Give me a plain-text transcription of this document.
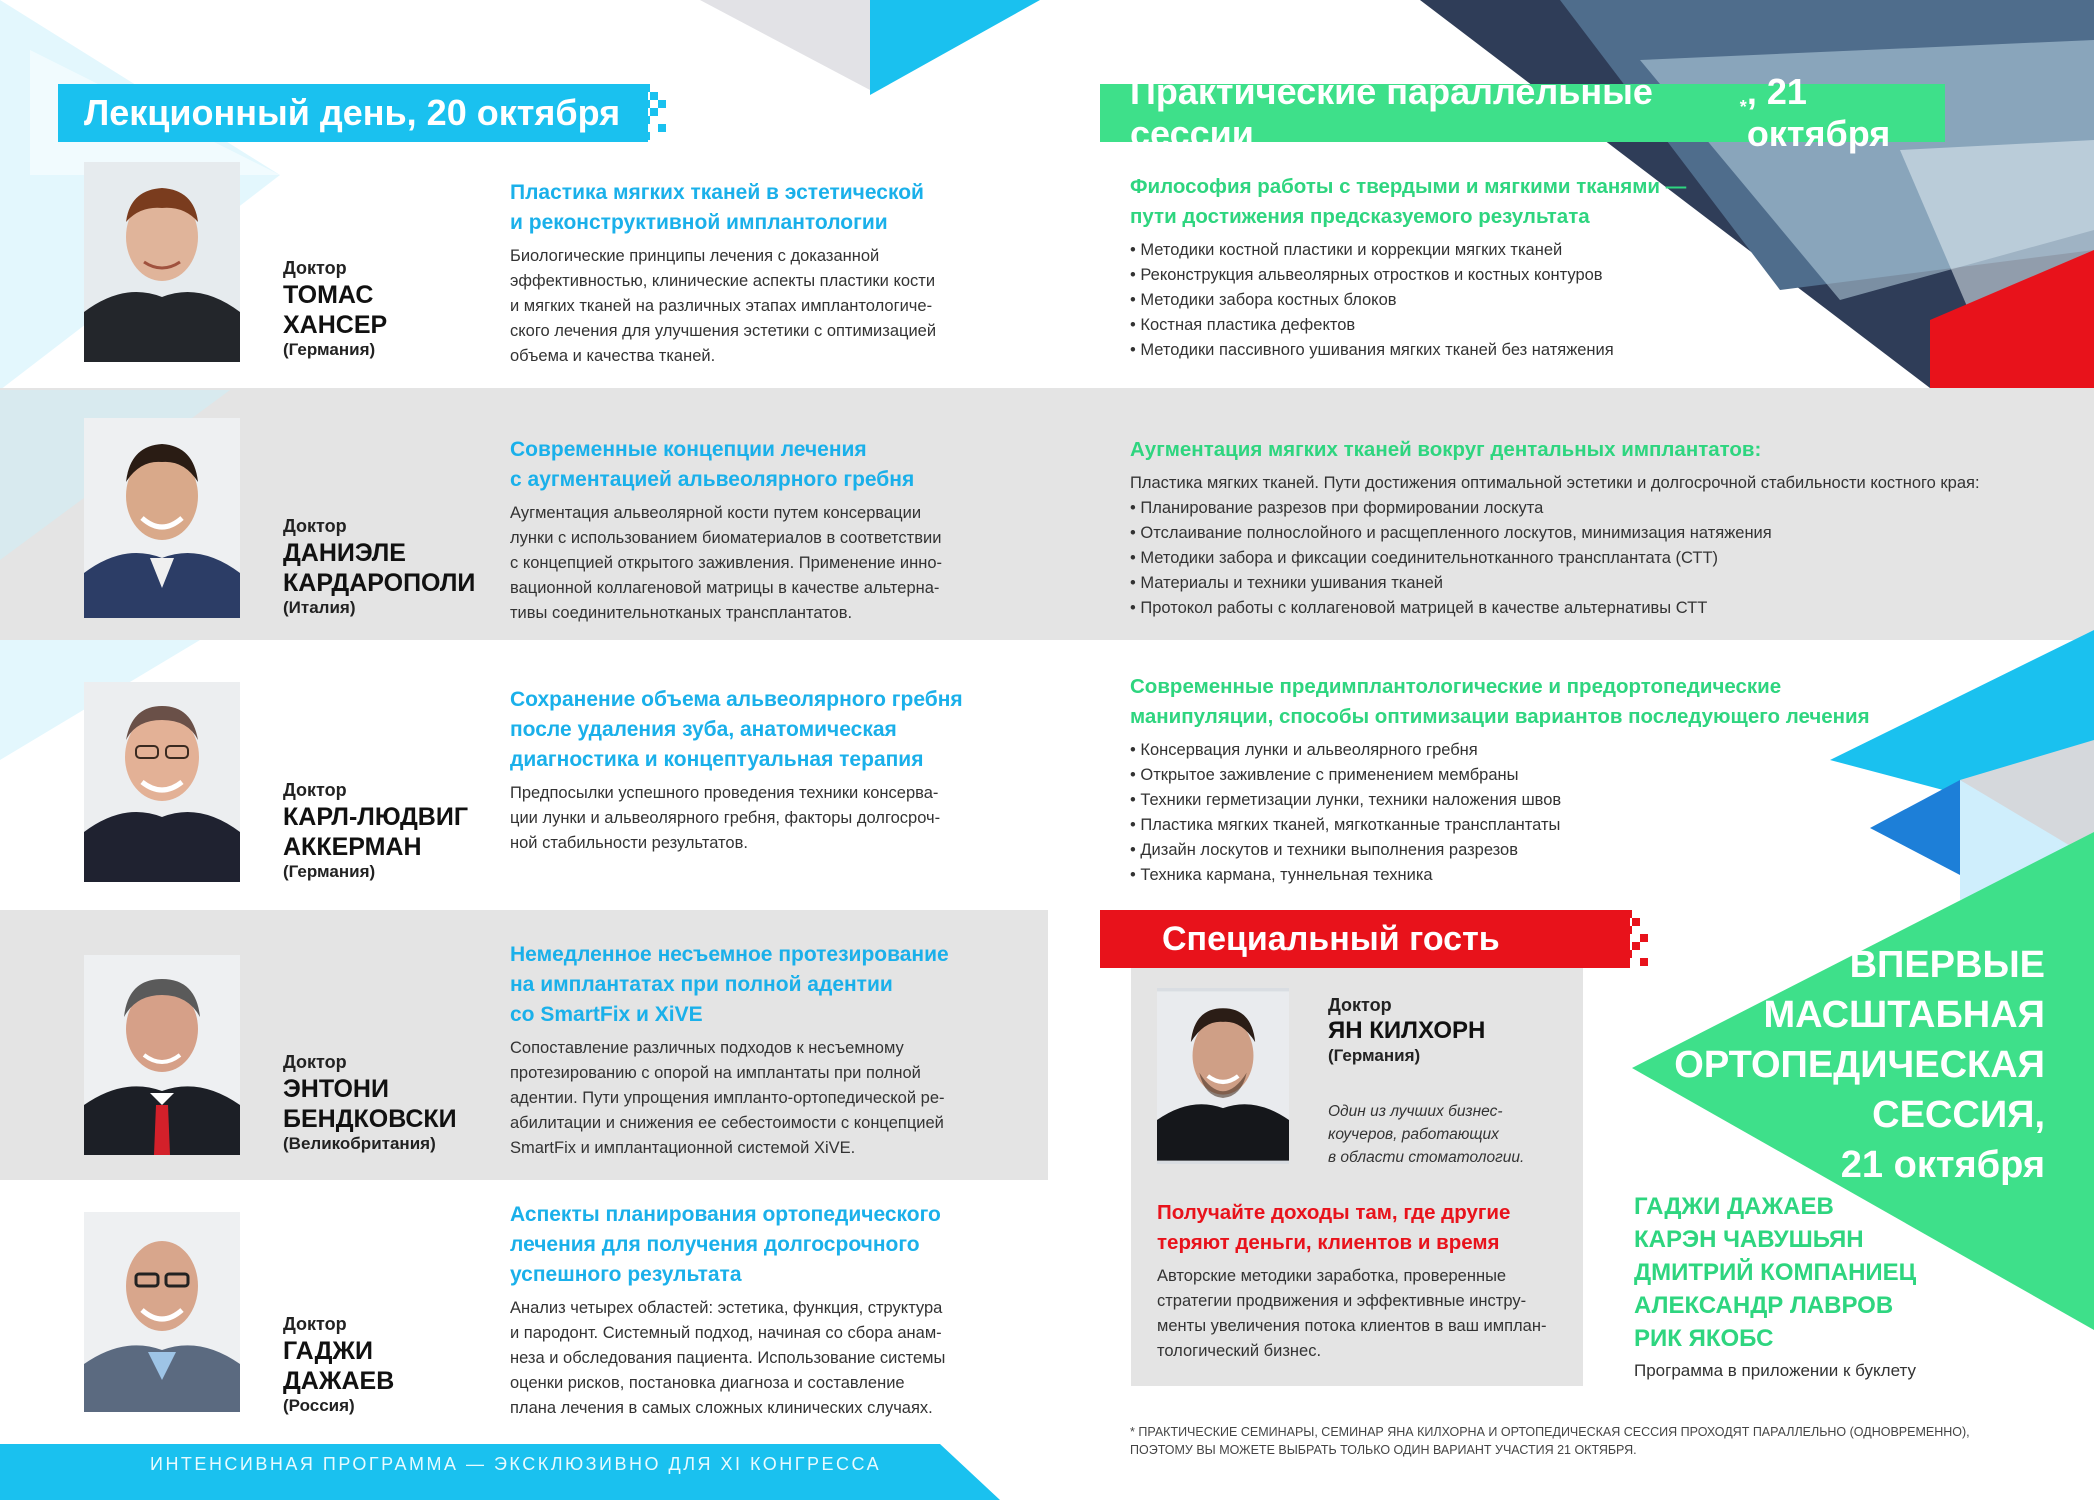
Лекционный день, 20 октября
Доктор
ТОМАС
ХАНСЕР
(Германия)
Пластика мягких тканей в эстетической
и реконструктивной имплантологии
Биологические принципы лечения с доказанной
эффективностью, клинические аспекты пластики кости
и мягких тканей на различных этапах имплантологиче-
ского лечения для улучшения эстетики с оптимизацией
объема и качества тканей.
Доктор
ДАНИЭЛЕ
КАРДАРОПОЛИ
(Италия)
Современные концепции лечения
с аугментацией альвеолярного гребня
Аугментация альвеолярной кости путем консервации
лунки с использованием биоматериалов в соответствии
с концепцией открытого заживления. Применение инно-
вационной коллагеновой матрицы в качестве альтерна-
тивы соединительнотканых трансплантатов.
Доктор
КАРЛ-ЛЮДВИГ
АККЕРМАН
(Германия)
Сохранение объема альвеолярного гребня
после удаления зуба, анатомическая
диагностика и концептуальная терапия
Предпосылки успешного проведения техники консерва-
ции лунки и альвеолярного гребня, факторы долгосроч-
ной стабильности результатов.
Доктор
ЭНТОНИ
БЕНДКОВСКИ
(Великобритания)
Немедленное несъемное протезирование
на имплантатах при полной адентии
со SmartFix и XiVE
Сопоставление различных подходов к несъемному
протезированию с опорой на имплантаты при полной
адентии. Пути упрощения импланто-ортопедической ре-
абилитации и снижения ее себестоимости с концепцией
SmartFix и имплантационной системой XiVE.
Доктор
ГАДЖИ
ДАЖАЕВ
(Россия)
Аспекты планирования ортопедического
лечения для получения долгосрочного
успешного результата
Анализ четырех областей: эстетика, функция, структура
и пародонт. Системный подход, начиная со сбора анам-
неза и обследования пациента. Использование системы
оценки рисков, постановка диагноза и составление
плана лечения в самых сложных клинических случаях.
ИНТЕНСИВНАЯ ПРОГРАММА — ЭКСКЛЮЗИВНО ДЛЯ XI КОНГРЕССА
Практические параллельные сессии
* , 21 октября
Философия работы с твердыми и мягкими тканями —
пути достижения предсказуемого результата
• Методики костной пластики и коррекции мягких тканей
• Реконструкция альвеолярных отростков и костных контуров
• Методики забора костных блоков
• Костная пластика дефектов
• Методики пассивного ушивания мягких тканей без натяжения
Аугментация мягких тканей вокруг дентальных имплантатов:
Пластика мягких тканей. Пути достижения оптимальной эстетики и долгосрочной стабильности костного края:
• Планирование разрезов при формировании лоскута
• Отслаивание полнослойного и расщепленного лоскутов, минимизация натяжения
• Методики забора и фиксации соединительнотканного трансплантата (СТТ)
• Материалы и техники ушивания тканей
• Протокол работы с коллагеновой матрицей в качестве альтернативы СТТ
Современные предимплантологические и предортопедические
манипуляции, способы оптимизации вариантов последующего лечения
• Консервация лунки и альвеолярного гребня
• Открытое заживление с применением мембраны
• Техники герметизации лунки, техники наложения швов
• Пластика мягких тканей, мягкотканные трансплантаты
• Дизайн лоскутов и техники выполнения разрезов
• Техника кармана, туннельная техника
Специальный гость
Доктор
ЯН КИЛХОРН
(Германия)
Один из лучших бизнес-
коучеров, работающих
в области стоматологии.
Получайте доходы там, где другие
теряют деньги, клиентов и время
Авторские методики заработка, проверенные
стратегии продвижения и эффективные инстру-
менты увеличения потока клиентов в ваш имплан-
тологический бизнес.
ВПЕРВЫЕ
МАСШТАБНАЯ
ОРТОПЕДИЧЕСКАЯ
СЕССИЯ,
21 октября
ГАДЖИ ДАЖАЕВ
КАРЭН ЧАВУШЬЯН
ДМИТРИЙ КОМПАНИЕЦ
АЛЕКСАНДР ЛАВРОВ
РИК ЯКОБС
Программа в приложении к буклету
* ПРАКТИЧЕСКИЕ СЕМИНАРЫ, СЕМИНАР ЯНА КИЛХОРНА И ОРТОПЕДИЧЕСКАЯ СЕССИЯ ПРОХОДЯТ ПАРАЛЛЕЛЬНО (ОДНОВРЕМЕННО),
ПОЭТОМУ ВЫ МОЖЕТЕ ВЫБРАТЬ ТОЛЬКО ОДИН ВАРИАНТ УЧАСТИЯ 21 ОКТЯБРЯ.
